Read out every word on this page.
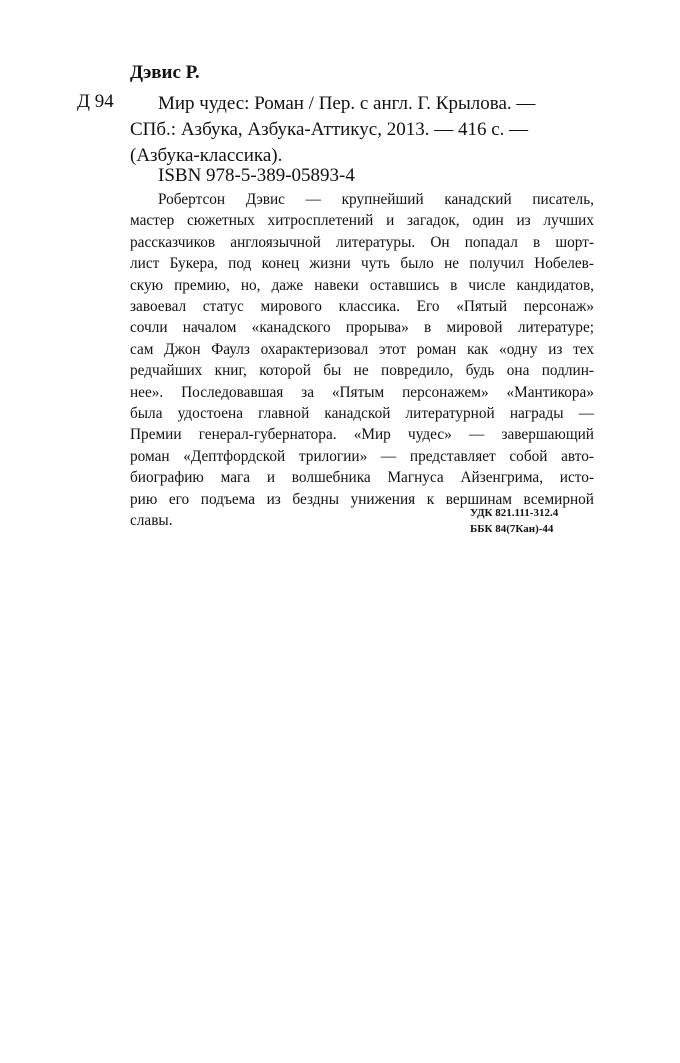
Дэвис Р.
Д 94 Мир чудес: Роман / Пер. с англ. Г. Крылова. —
СПб.: Азбука, Азбука-Аттикус, 2013. — 416 с. —
(Азбука-классика).
ISBN 978-5-389-05893-4
Робертсон Дэвис — крупнейший канадский писатель,
мастер сюжетных хитросплетений и загадок, один из лучших
рассказчиков англоязычной литературы. Он попадал в шорт-
лист Букера, под конец жизни чуть было не получил Нобелев-
скую премию, но, даже навеки оставшись в числе кандидатов,
завоевал статус мирового классика. Его «Пятый персонаж»
сочли началом «канадского прорыва» в мировой литературе;
сам Джон Фаулз охарактеризовал этот роман как «одну из тех
редчайших книг, которой бы не повредило, будь она подлин-
нее». Последовавшая за «Пятым персонажем» «Мантикора»
была удостоена главной канадской литературной награды —
Премии генерал-губернатора. «Мир чудес» — завершающий
роман «Дептфордской трилогии» — представляет собой авто-
биографию мага и волшебника Магнуса Айзенгрима, исто-
рию его подъема из бездны унижения к вершинам всемирной
славы.	УДК 821.111-312.4
ББК 84(7Кан)-44
